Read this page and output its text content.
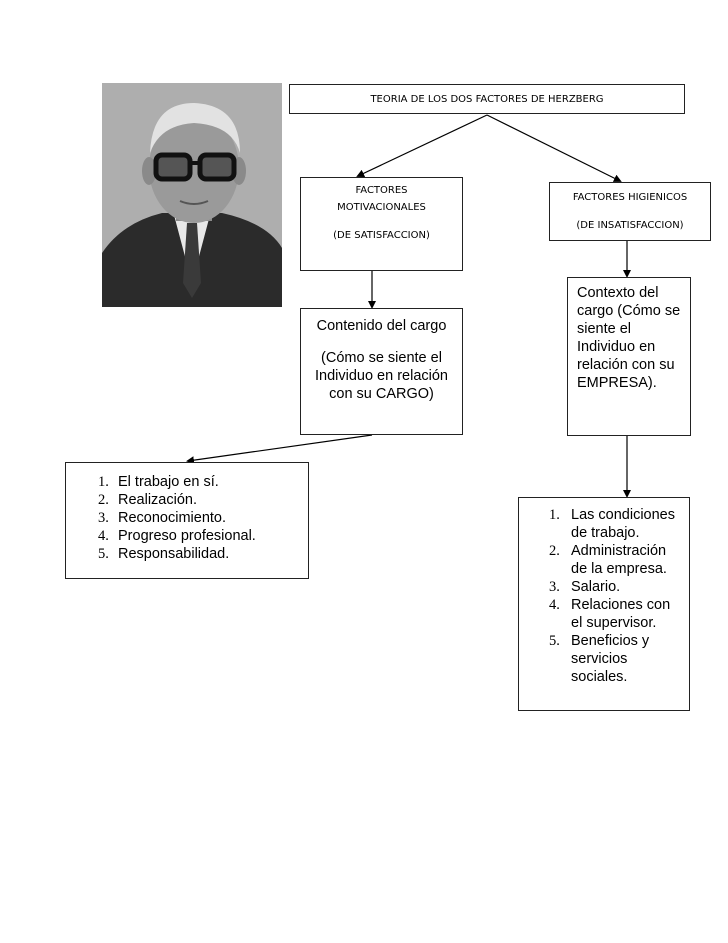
TEORIA DE LOS DOS FACTORES DE HERZBERG
FACTORES
MOTIVACIONALES
(DE SATISFACCION)
FACTORES HIGIENICOS
(DE INSATISFACCION)
Contenido del cargo
(Cómo se siente el Individuo en relación con su CARGO)
Contexto del cargo (Cómo se siente el Individuo en relación con su EMPRESA).
El trabajo en sí.
Realización.
Reconocimiento.
Progreso profesional.
Responsabilidad.
Las condiciones de trabajo.
Administración de la empresa.
Salario.
Relaciones con el supervisor.
Beneficios y servicios sociales.
